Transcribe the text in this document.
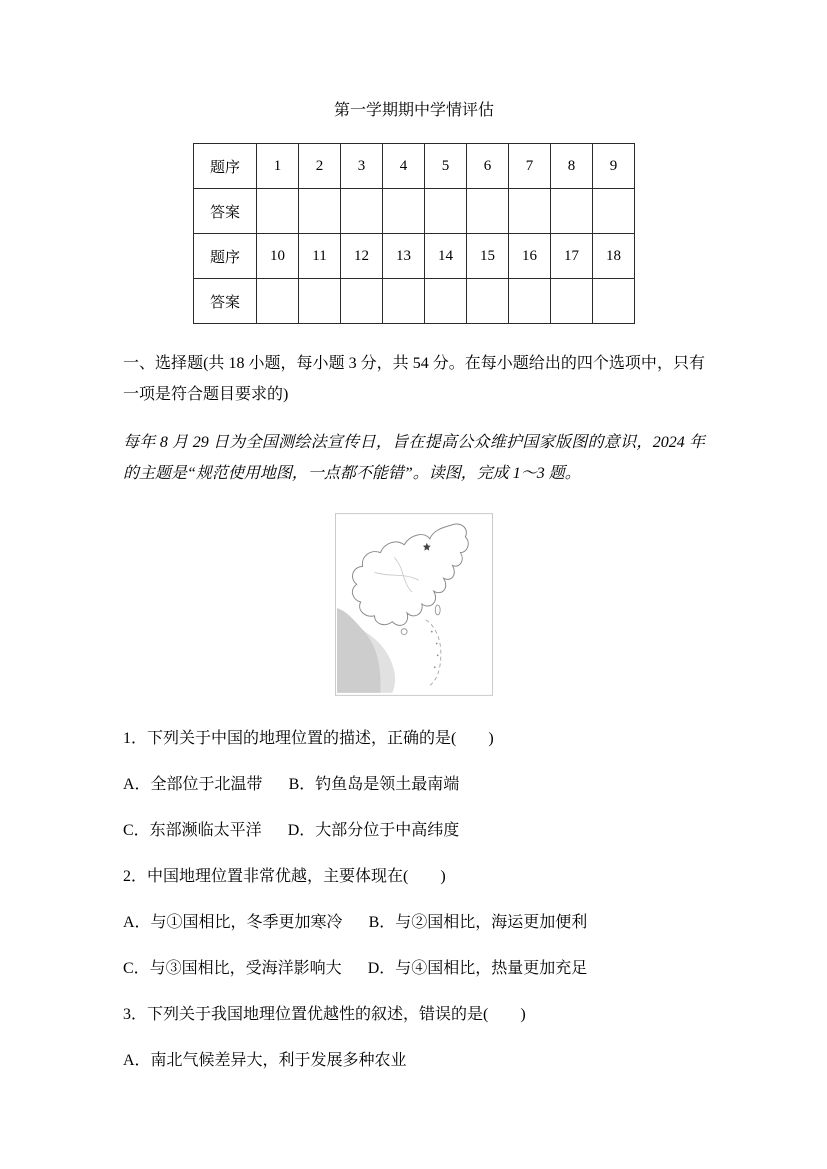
第一学期期中学情评估
题序	1	2	3	4	5	6	7	8	9
答案									
题序	10	11	12	13	14	15	16	17	18
答案									

一、选择题(共 18 小题，每小题 3 分，共 54 分。在每小题给出的四个选项中，只有一项是符合题目要求的)

每年 8 月 29 日为全国测绘法宣传日，旨在提高公众维护国家版图的意识，2024 年的主题是“规范使用地图，一点都不能错”。读图，完成 1～3 题。

1．下列关于中国的地理位置的描述，正确的是(　　)

A．全部位于北温带 B．钓鱼岛是领土最南端

C．东部濒临太平洋 D．大部分位于中高纬度

2．中国地理位置非常优越，主要体现在(　　)

A．与①国相比，冬季更加寒冷 B．与②国相比，海运更加便利

C．与③国相比，受海洋影响大 D．与④国相比，热量更加充足

3．下列关于我国地理位置优越性的叙述，错误的是(　　)

A．南北气候差异大，利于发展多种农业
